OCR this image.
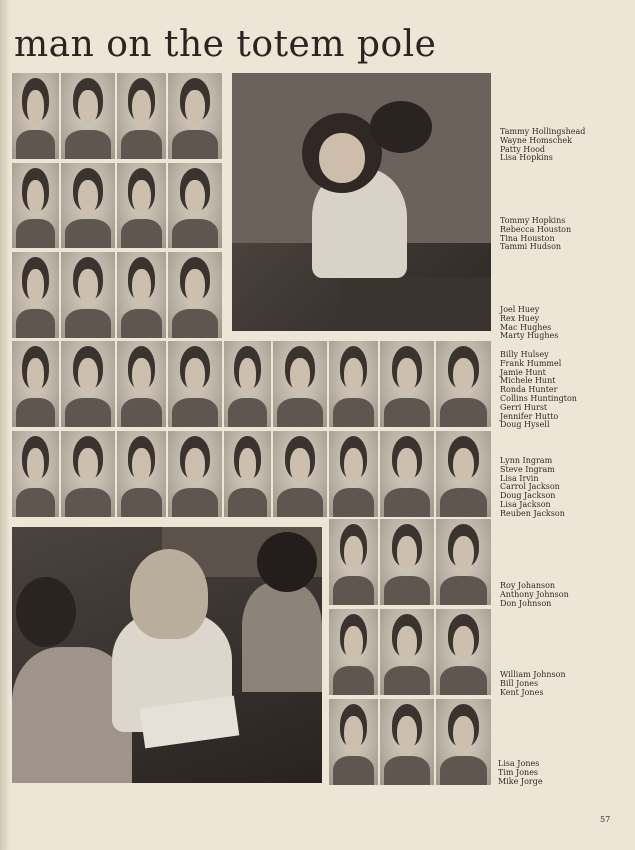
man on the totem pole
Tammy Hollingshead
Wayne Homschek
Patty Hood
Lisa Hopkins
Tommy Hopkins
Rebecca Houston
Tina Houston
Tammi Hudson
Joel Huey
Rex Huey
Mac Hughes
Marty Hughes
Billy Hulsey
Frank Hummel
Jamie Hunt
Michele Hunt
Ronda Hunter
Collins Huntington
Gerri Hurst
Jennifer Hutto
Doug Hysell
Lynn Ingram
Steve Ingram
Lisa Irvin
Carrol Jackson
Doug Jackson
Lisa Jackson
Reuben Jackson
Roy Johanson
Anthony Johnson
Don Johnson
William Johnson
Bill Jones
Kent Jones
Lisa Jones
Tim Jones
Mike Jorge
57
